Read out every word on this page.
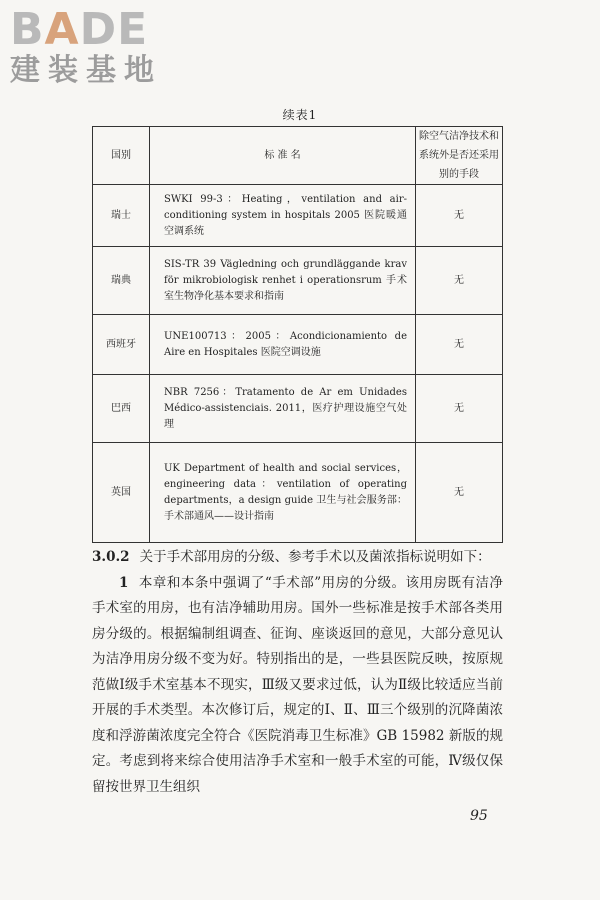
BADE
建装基地
续表1
国别	标 准 名	除空气洁净技术和系统外是否还采用别的手段
瑞士	SWKI 99-3：Heating，ventilation and air-conditioning system in hospitals 2005 医院暖通空调系统	无
瑞典	SIS-TR 39 Vägledning och grundläggande krav för mikrobiologisk renhet i operationsrum 手术室生物净化基本要求和指南	无
西班牙	UNE100713：2005：Acondicionamiento de Aire en Hospitales 医院空调设施	无
巴西	NBR 7256：Tratamento de Ar em Unidades Médico-assistenciais. 2011，医疗护理设施空气处理	无
英国	UK Department of health and social services，engineering data：ventilation of operating departments，a design guide 卫生与社会服务部：手术部通风——设计指南	无

3.0.2 关于手术部用房的分级、参考手术以及菌浓指标说明如下：

1 本章和本条中强调了“手术部”用房的分级。该用房既有洁净手术室的用房，也有洁净辅助用房。国外一些标准是按手术部各类用房分级的。根据编制组调查、征询、座谈返回的意见，大部分意见认为洁净用房分级不变为好。特别指出的是，一些县医院反映，按原规范做Ⅰ级手术室基本不现实，Ⅲ级又要求过低，认为Ⅱ级比较适应当前开展的手术类型。本次修订后，规定的Ⅰ、Ⅱ、Ⅲ三个级别的沉降菌浓度和浮游菌浓度完全符合《医院消毒卫生标准》GB 15982 新版的规定。考虑到将来综合使用洁净手术室和一般手术室的可能，Ⅳ级仅保留按世界卫生组织

95
